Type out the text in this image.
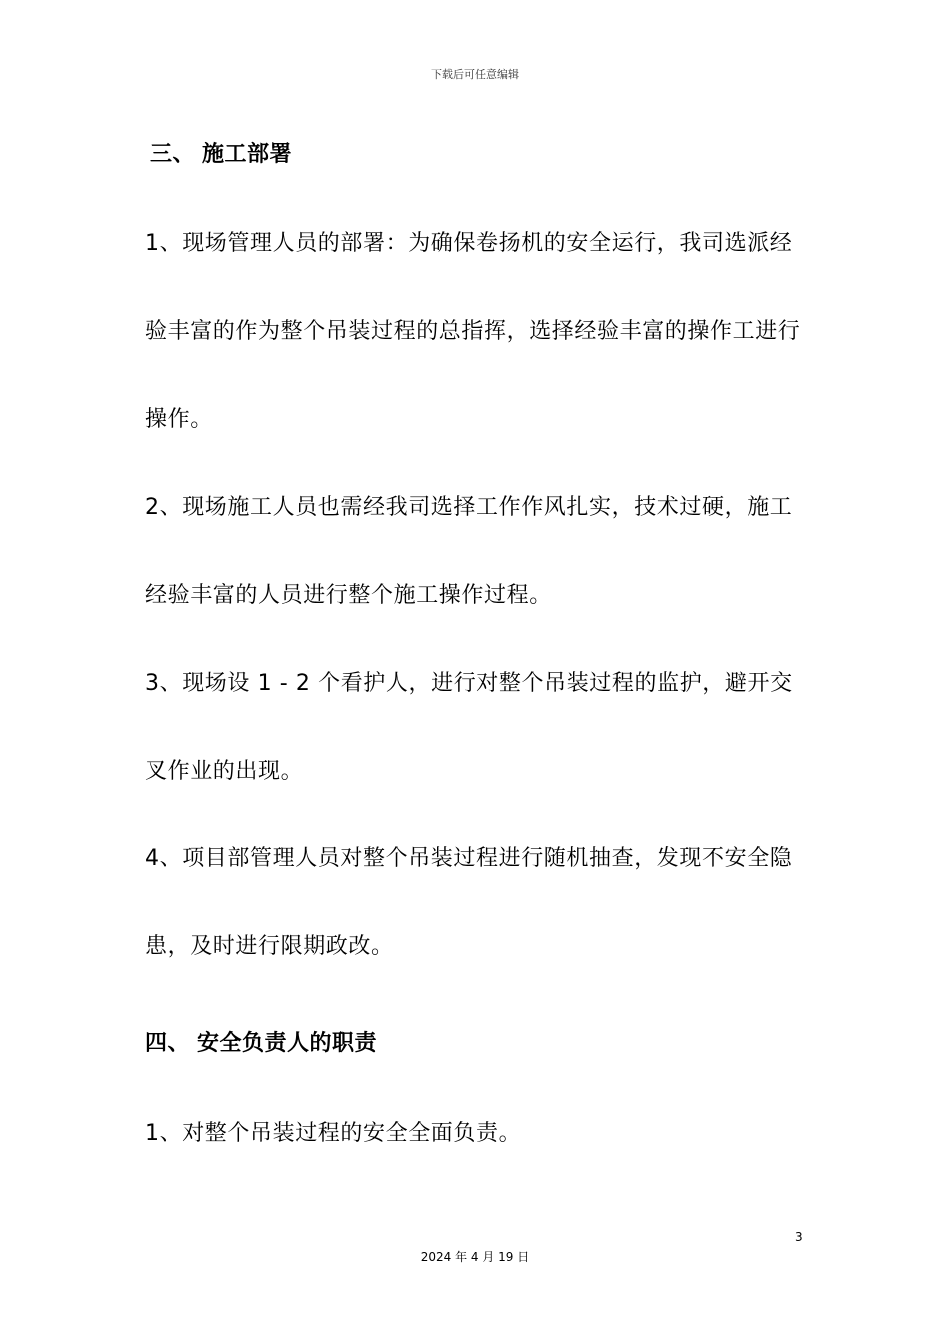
下载后可任意编辑
三、 施工部署
1、现场管理人员的部署：为确保卷扬机的安全运行，我司选派经验丰富的作为整个吊装过程的总指挥，选择经验丰富的操作工进行操作。
2、现场施工人员也需经我司选择工作作风扎实，技术过硬，施工经验丰富的人员进行整个施工操作过程。
3、现场设 1 - 2 个看护人，进行对整个吊装过程的监护，避开交叉作业的出现。
4、项目部管理人员对整个吊装过程进行随机抽查，发现不安全隐患，及时进行限期政改。
四、 安全负责人的职责
1、对整个吊装过程的安全全面负责。
3
2024 年 4 月 19 日
